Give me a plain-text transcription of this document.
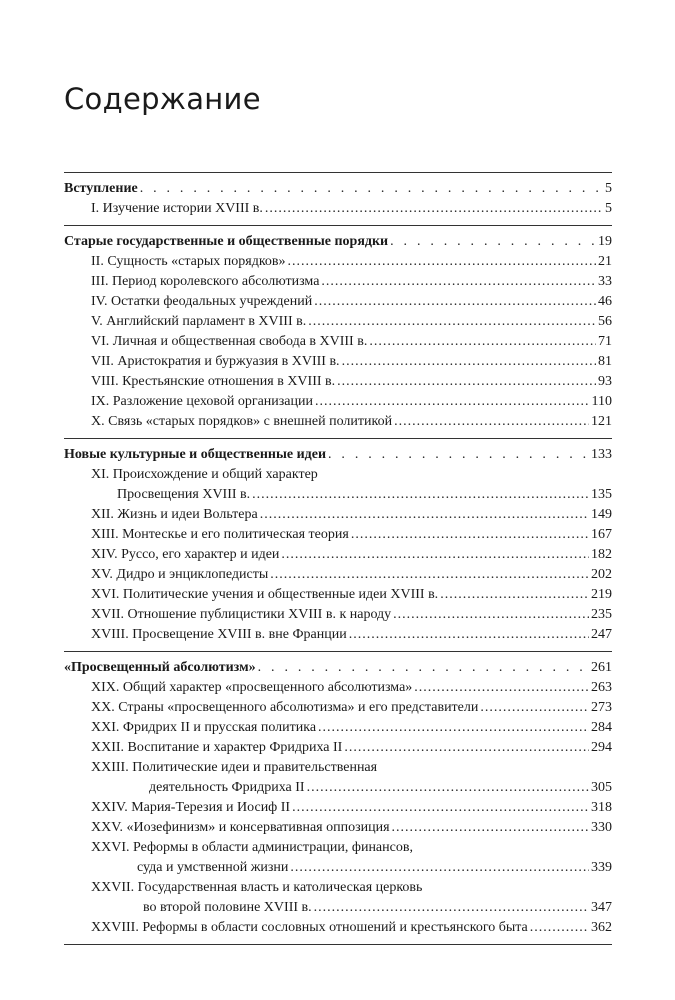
Содержание
Вступление . . .	5
I. Изучение истории XVIII в. .....	5
Старые государственные и общественные порядки . . .	19
II. Сущность «старых порядков» .....	21
III. Период королевского абсолютизма .....	33
IV. Остатки феодальных учреждений .....	46
V. Английский парламент в XVIII в. .....	56
VI. Личная и общественная свобода в XVIII в. .....	71
VII. Аристократия и буржуазия в XVIII в. .....	81
VIII. Крестьянские отношения в XVIII в. .....	93
IX. Разложение цеховой организации .....	110
X. Связь «старых порядков» с внешней политикой .....	121
Новые культурные и общественные идеи . . .	133
XI. Происхождение и общий характер
Просвещения XVIII в. .....	135
XII. Жизнь и идеи Вольтера .....	149
XIII. Монтескье и его политическая теория .....	167
XIV. Руссо, его характер и идеи .....	182
XV. Дидро и энциклопедисты .....	202
XVI. Политические учения и общественные идеи XVIII в. .....	219
XVII. Отношение публицистики XVIII в. к народу .....	235
XVIII. Просвещение XVIII в. вне Франции .....	247
«Просвещенный абсолютизм» . . .	261
XIX. Общий характер «просвещенного абсолютизма» .....	263
XX. Страны «просвещенного абсолютизма» и его представители .....	273
XXI. Фридрих II и прусская политика .....	284
XXII. Воспитание и характер Фридриха II .....	294
XXIII. Политические идеи и правительственная
деятельность Фридриха II .....	305
XXIV. Мария-Терезия и Иосиф II .....	318
XXV. «Иозефинизм» и консервативная оппозиция .....	330
XXVI. Реформы в области администрации, финансов,
суда и умственной жизни .....	339
XXVII. Государственная власть и католическая церковь
во второй половине XVIII в. .....	347
XXVIII. Реформы в области сословных отношений и крестьянского быта .....	362
